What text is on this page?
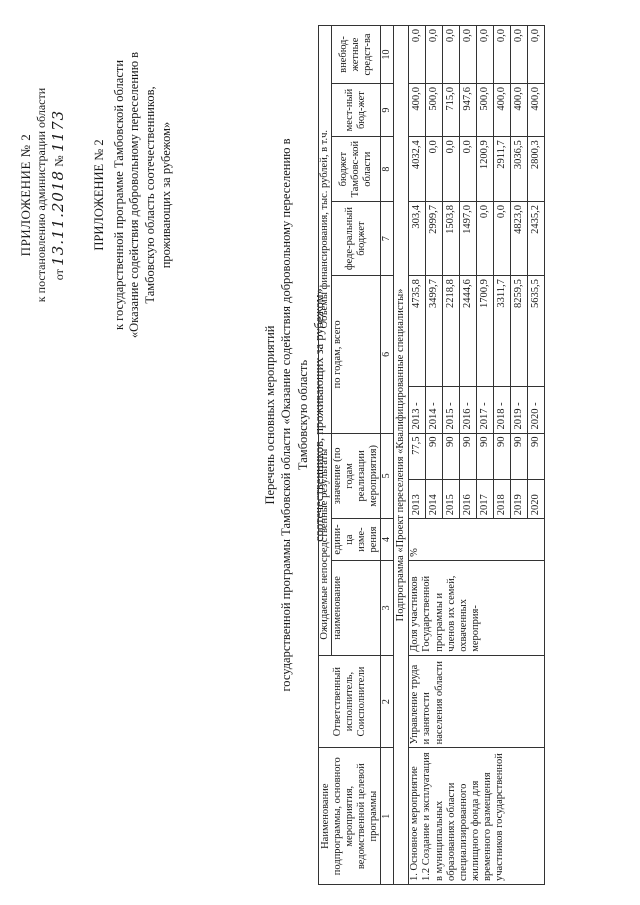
ПРИЛОЖЕНИЕ № 2 к постановлению администрации области от 13.11.2018 № 1173
ПРИЛОЖЕНИЕ № 2 к государственной программе Тамбовской области «Оказание содействия добровольному переселению в Тамбовскую область соотечественников, проживающих за рубежом»
Перечень основных мероприятий государственной программы Тамбовской области «Оказание содействия добровольному переселению в Тамбовскую область соотечественников, проживающих за рубежом»
Наименование подпрограммы, основного мероприятия, ведомственной целевой программы	Ответственный исполнитель, Соисполнители	Ожидаемые непосредственные результаты				Объемы финансирования, тыс. рублей, в т.ч.					
		наименование	едини-ца изме-рения	значение (по годам реализации мероприятия)		по годам, всего		феде-ральный бюджет	бюджет Тамбовс-кой области	мест-ный бюд-жет	внебюд-жетные средст-ва

1	2	3	4	5		6		7	8	9	10
Подпрограмма «Проект переселения «Квалифицированные специалисты»											
1. Основное мероприятие 1.2 Создание и эксплуатация в муниципальных образованиях области специализированного жилищного фонда для временного размещения участников государственной	Управление труда и занятости населения области	Доля участников Государственной программы и членов их семей, охваченных мероприя-	%	2013	77,5	2013 -	4735,8	303,4	4032,4	400,0	0,0
				2014	90	2014 -	3499,7	2999,7	0,0	500,0	0,0
				2015	90	2015 -	2218,8	1503,8	0,0	715,0	0,0
				2016	90	2016 -	2444,6	1497,0	0,0	947,6	0,0
				2017	90	2017 -	1700,9	0,0	1200,9	500,0	0,0
				2018	90	2018 -	3311,7	0,0	2911,7	400,0	0,0
				2019	90	2019 -	8259,5	4823,0	3036,5	400,0	0,0
				2020	90	2020 -	5635,5	2435,2	2800,3	400,0	0,0
